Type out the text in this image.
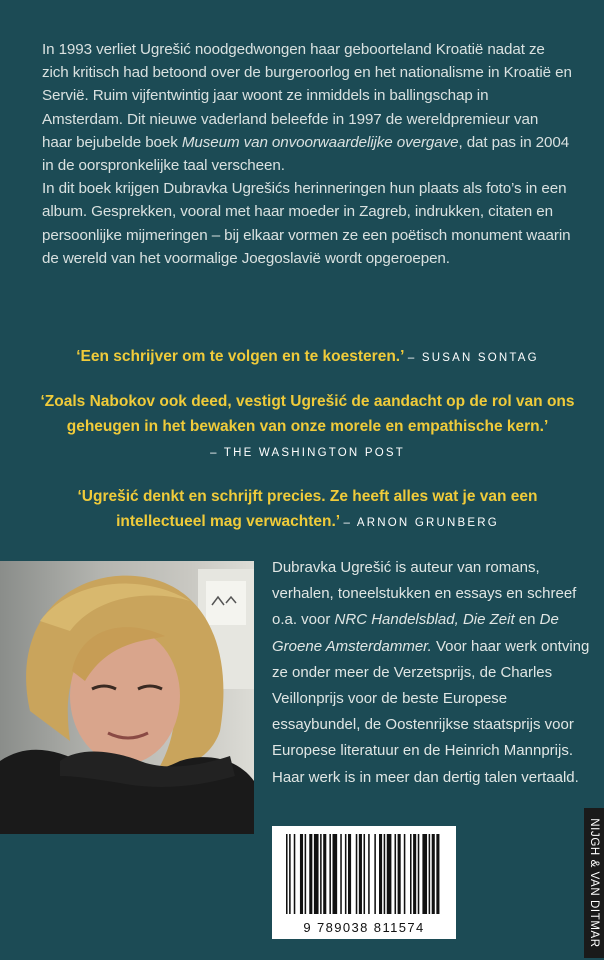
In 1993 verliet Ugrešić noodgedwongen haar geboorteland Kroatië nadat ze zich kritisch had betoond over de burgeroorlog en het nationalisme in Kroatië en Servië. Ruim vijfentwintig jaar woont ze inmiddels in ballingschap in Amsterdam. Dit nieuwe vaderland beleefde in 1997 de wereldpremieur van haar bejubelde boek Museum van onvoorwaardelijke overgave, dat pas in 2004 in de oorspronkelijke taal verscheen.

In dit boek krijgen Dubravka Ugrešićs herinneringen hun plaats als foto’s in een album. Gesprekken, vooral met haar moeder in Zagreb, indrukken, citaten en persoonlijke mijmeringen – bij elkaar vormen ze een poëtisch monument waarin de wereld van het voormalige Joegoslavië wordt opgeroepen.

‘Een schrijver om te volgen en te koesteren.’ – SUSAN SONTAG
‘Zoals Nabokov ook deed, vestigt Ugrešić de aandacht op de rol van ons geheugen in het bewaken van onze morele en empathische kern.’
– THE WASHINGTON POST
‘Ugrešić denkt en schrijft precies. Ze heeft alles wat je van een intellectueel mag verwachten.’ – ARNON GRUNBERG

Dubravka Ugrešić is auteur van romans, verhalen, toneelstukken en essays en schreef o.a. voor NRC Handelsblad, Die Zeit en De Groene Amsterdammer. Voor haar werk ontving ze onder meer de Verzetsprijs, de Charles Veillonprijs voor de beste Europese essaybundel, de Oostenrijkse staatsprijs voor Europese literatuur en de Heinrich Mannprijs. Haar werk is in meer dan dertig talen vertaald.

9 789038 811574	NIJGH & VAN DITMAR
